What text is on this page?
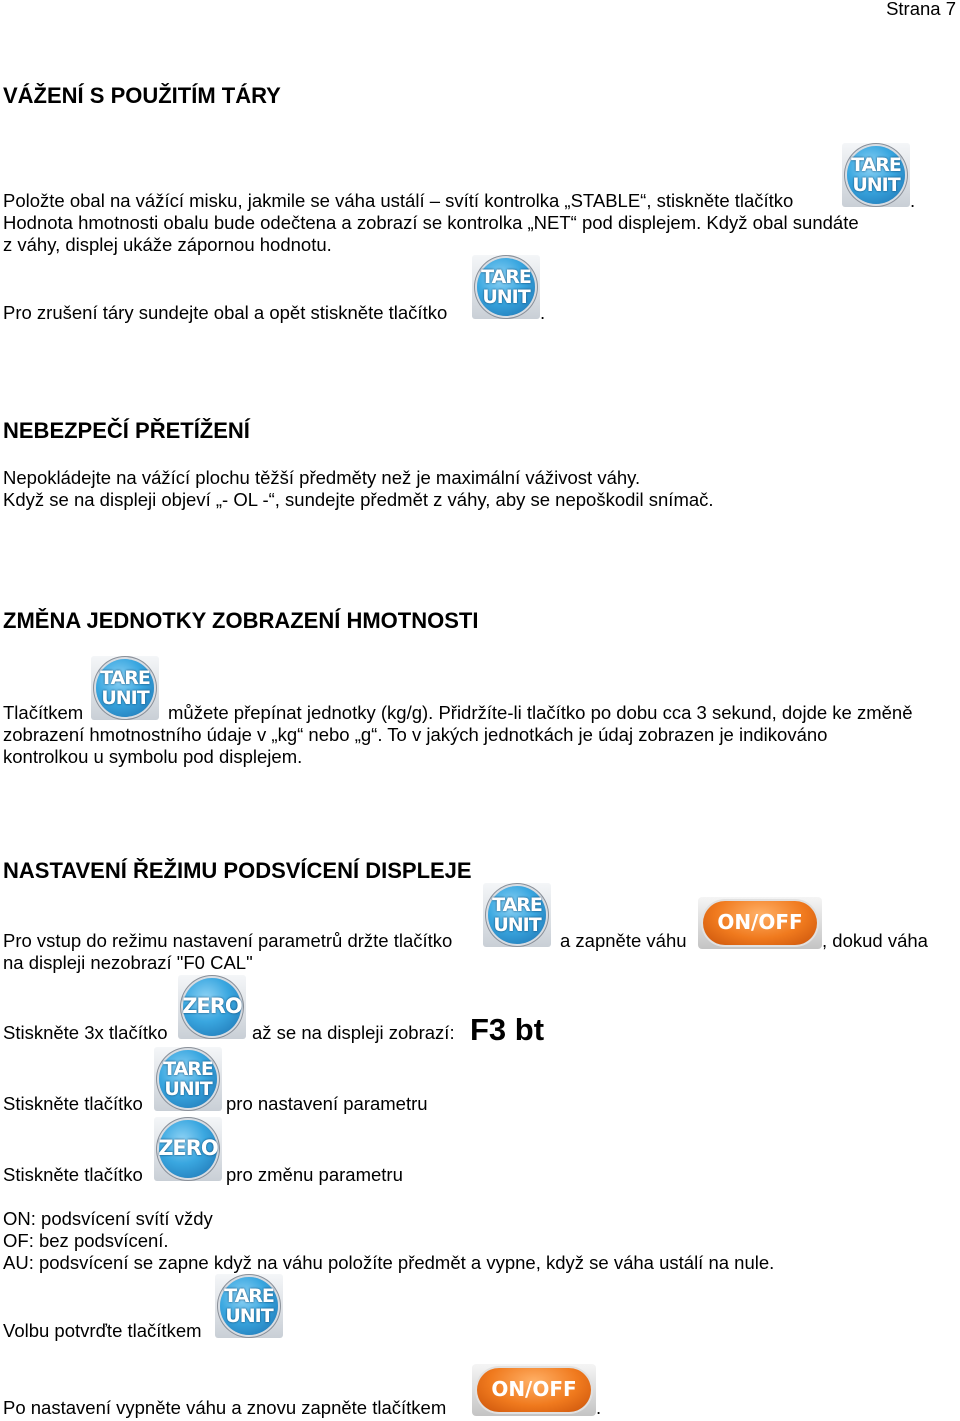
Strana 7
VÁŽENÍ S POUŽITÍM TÁRY
Položte obal na vážící misku, jakmile se váha ustálí – svítí kontrolka „STABLE“, stiskněte tlačítko
TARE
UNIT
.
Hodnota hmotnosti obalu bude odečtena a zobrazí se kontrolka „NET“ pod displejem. Když obal sundáte
z váhy, displej ukáže zápornou hodnotu.
Pro zrušení táry sundejte obal a opět stiskněte tlačítko
TARE
UNIT
.
NEBEZPEČÍ PŘETÍŽENÍ
Nepokládejte na vážící plochu těžší předměty než je maximální váživost váhy.
Když se na displeji objeví „- OL -“, sundejte předmět z váhy, aby se nepoškodil snímač.
ZMĚNA JEDNOTKY ZOBRAZENÍ HMOTNOSTI
Tlačítkem
TARE
UNIT
můžete přepínat jednotky (kg/g). Přidržíte-li tlačítko po dobu cca 3 sekund, dojde ke změně
zobrazení hmotnostního údaje v „kg“ nebo „g“. To v jakých jednotkách je údaj zobrazen je indikováno
kontrolkou u symbolu pod displejem.
NASTAVENÍ ŘEŽIMU PODSVÍCENÍ DISPLEJE
Pro vstup do režimu nastavení parametrů držte tlačítko
TARE
UNIT
a zapněte váhu
ON/OFF
, dokud váha
na displeji nezobrazí "F0 CAL"
Stiskněte 3x tlačítko
ZERO
až se na displeji zobrazí: F3 bt
Stiskněte tlačítko
TARE
UNIT
pro nastavení parametru
Stiskněte tlačítko
ZERO
pro změnu parametru
ON: podsvícení svítí vždy
OF: bez podsvícení.
AU: podsvícení se zapne když na váhu položíte předmět a vypne, když se váha ustálí na nule.
Volbu potvrďte tlačítkem
TARE
UNIT
Po nastavení vypněte váhu a znovu zapněte tlačítkem
ON/OFF
.
